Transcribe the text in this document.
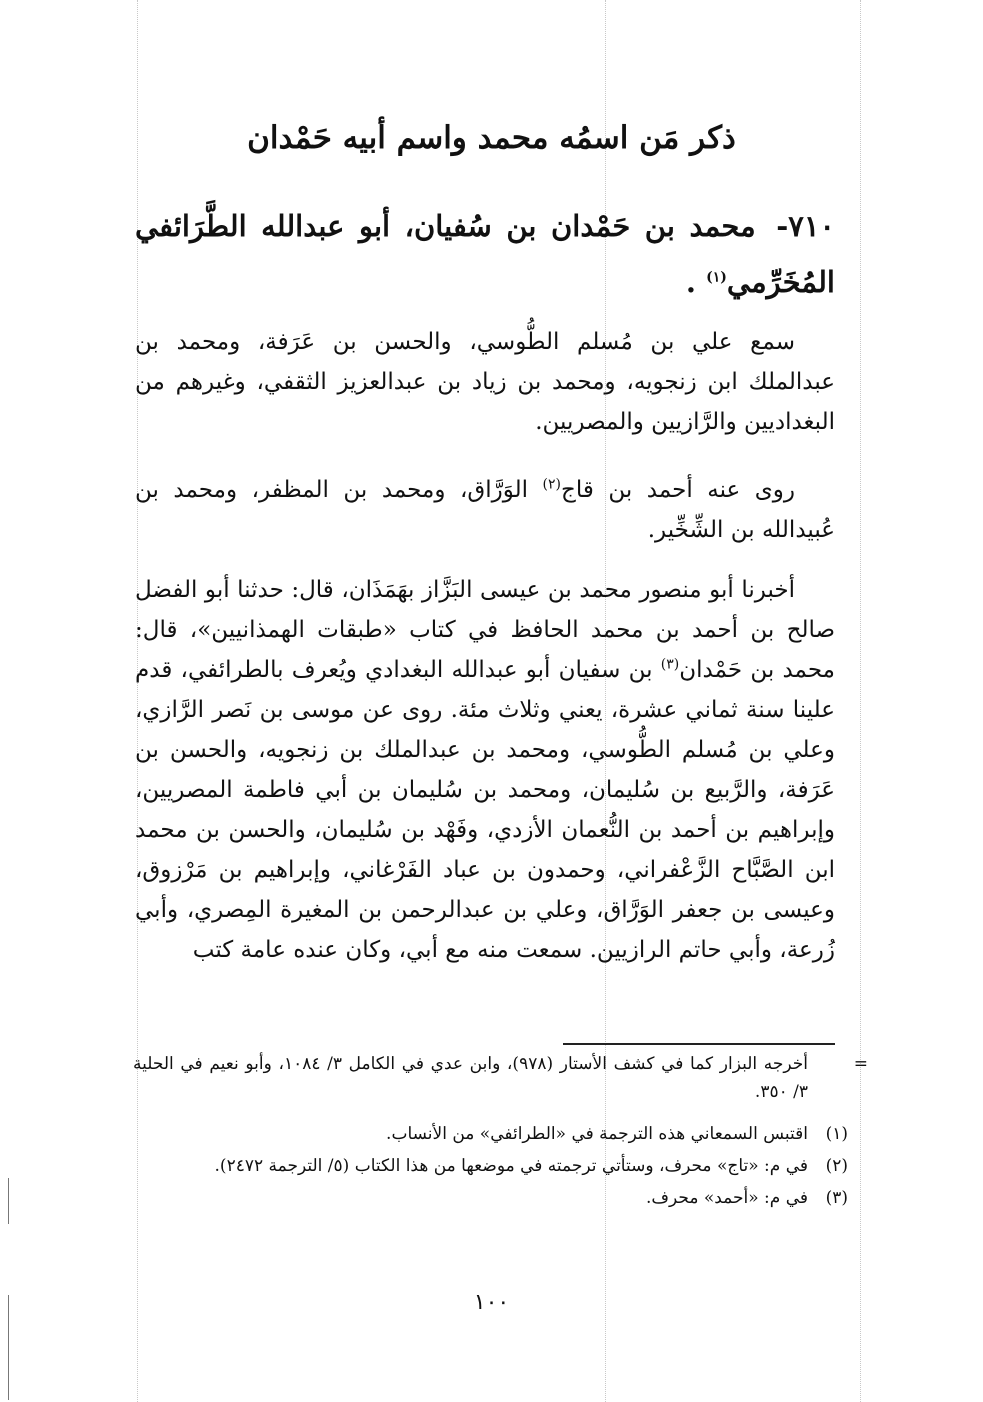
ذكر مَن اسمُه محمد واسم أبيه حَمْدان
٧١٠- محمد بن حَمْدان بن سُفيان، أبو عبدالله الطَّرَائفي المُخَرِّمي$^{(١)}$ .
سمع علي بن مُسلم الطُّوسي، والحسن بن عَرَفة، ومحمد بن عبدالملك ابن زنجويه، ومحمد بن زياد بن عبدالعزيز الثقفي، وغيرهم من البغداديين والرَّازيين والمصريين.
روى عنه أحمد بن قاج$^{(٢)}$ الوَرَّاق، ومحمد بن المظفر، ومحمد بن عُبيدالله بن الشِّخِّير.
أخبرنا أبو منصور محمد بن عيسى البَزَّاز بهَمَذَان، قال: حدثنا أبو الفضل صالح بن أحمد بن محمد الحافظ في كتاب «طبقات الهمذانيين»، قال: محمد بن حَمْدان$^{(٣)}$ بن سفيان أبو عبدالله البغدادي ويُعرف بالطرائفي، قدم علينا سنة ثماني عشرة، يعني وثلاث مئة. روى عن موسى بن نَصر الرَّازي، وعلي بن مُسلم الطُّوسي، ومحمد بن عبدالملك بن زنجويه، والحسن بن عَرَفة، والرَّبيع بن سُليمان، ومحمد بن سُليمان بن أبي فاطمة المصريين، وإبراهيم بن أحمد بن النُّعمان الأزدي، وفَهْد بن سُليمان، والحسن بن محمد ابن الصَّبَّاح الزَّعْفراني، وحمدون بن عباد الفَرْغاني، وإبراهيم بن مَرْزوق، وعيسى بن جعفر الوَرَّاق، وعلي بن عبدالرحمن بن المغيرة المِصري، وأبي زُرعة، وأبي حاتم الرازيين. سمعت منه مع أبي، وكان عنده عامة كتب
=
أخرجه البزار كما في كشف الأستار (٩٧٨)، وابن عدي في الكامل ٣/ ١٠٨٤، وأبو نعيم في الحلية ٣/ ٣٥٠.
(١)
اقتبس السمعاني هذه الترجمة في «الطرائفي» من الأنساب.
(٢)
في م: «تاج» محرف، وستأتي ترجمته في موضعها من هذا الكتاب (٥/ الترجمة ٢٤٧٢).
(٣)
في م: «أحمد» محرف.
١٠٠
